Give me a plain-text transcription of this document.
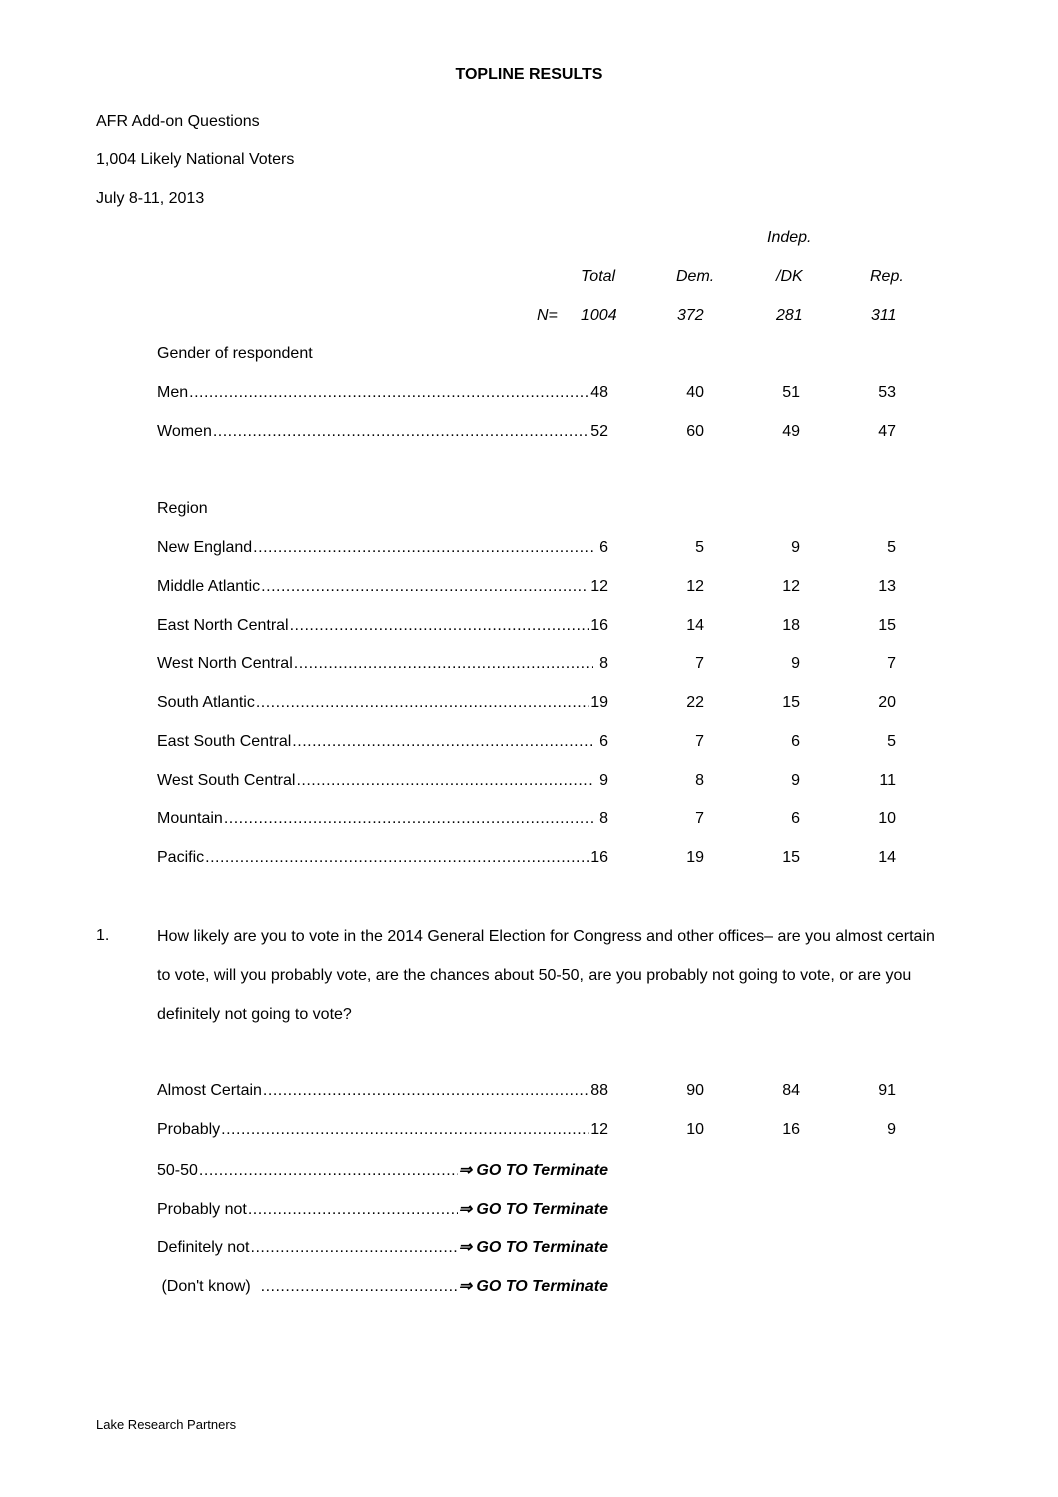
TOPLINE RESULTS
AFR Add-on Questions
1,004 Likely National Voters
July 8-11, 2013
Indep.
Total	Dem.	/DK	Rep.
N= 1004	372	281	311
Gender of respondent
Men .....	48	40	51	53
Women .....	52	60	49	47
Region
New England .....	6	5	9	5
Middle Atlantic .....	12	12	12	13
East North Central .....	16	14	18	15
West North Central .....	8	7	9	7
South Atlantic .....	19	22	15	20
East South Central .....	6	7	6	5
West South Central .....	9	8	9	11
Mountain .....	8	7	6	10
Pacific .....	16	19	15	14
1.	How likely are you to vote in the 2014 General Election for Congress and other offices– are you almost certain to vote, will you probably vote, are the chances about 50-50, are you probably not going to vote, or are you definitely not going to vote?
Almost Certain .....	88	90	84	91
Probably .....	12	10	16	9
50-50 .....	⇒ GO TO Terminate
Probably not .....	⇒ GO TO Terminate
Definitely not .....	⇒ GO TO Terminate
(Don't know) .....	⇒ GO TO Terminate
Lake Research Partners
